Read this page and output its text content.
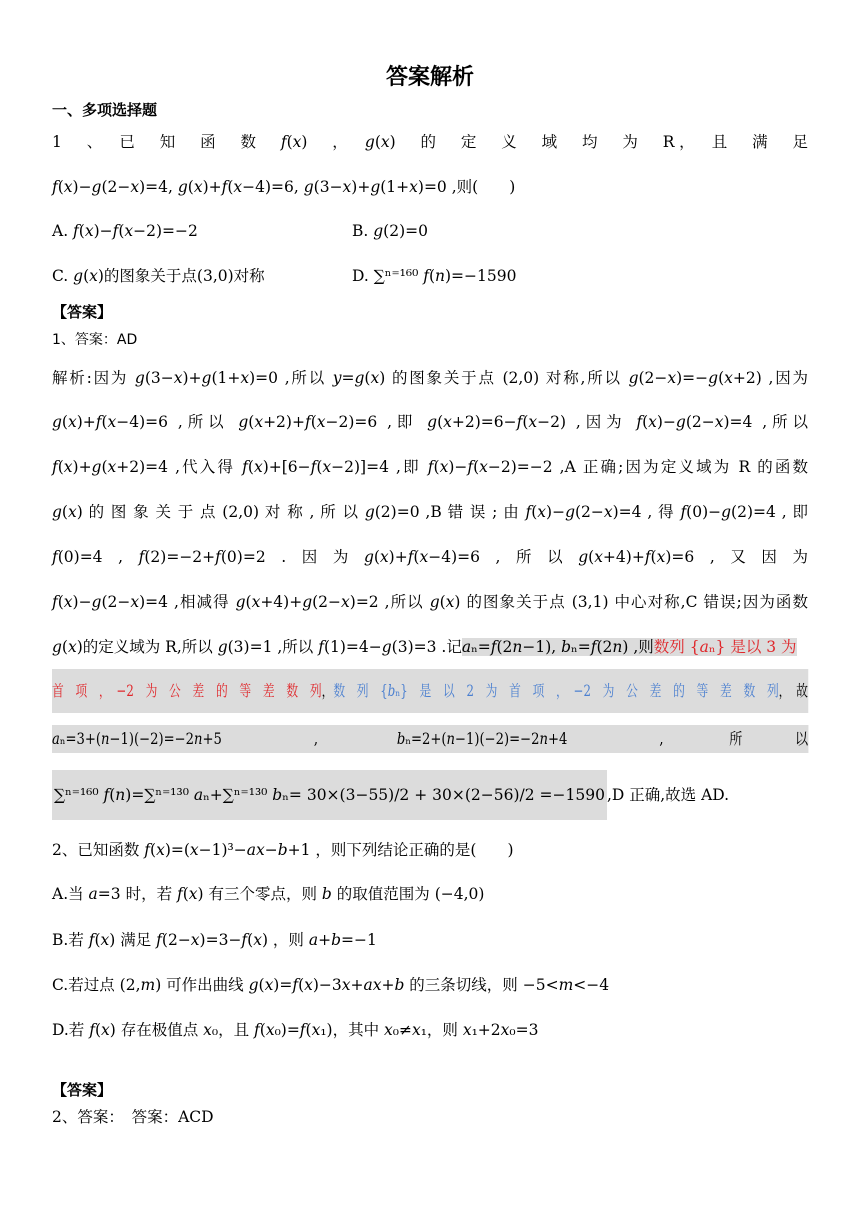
答案解析
一、多项选择题
1　、　已　知　函　数　𝑓(𝑥)　，　𝑔(𝑥)　的　定　义　域　均　为　R，　且　满　足
𝑓(𝑥)−𝑔(2−𝑥)=4, 𝑔(𝑥)+𝑓(𝑥−4)=6, 𝑔(3−𝑥)+𝑔(1+𝑥)=0 ,则(　　)
A. 𝑓(𝑥)−𝑓(𝑥−2)=−2	B. 𝑔(2)=0
C. 𝑔(𝑥)的图象关于点(3,0)对称	D. ∑ⁿ⁼¹⁶⁰ 𝑓(𝑛)=−1590
【答案】
1、答案：AD
解析:因为 𝑔(3−𝑥)+𝑔(1+𝑥)=0 ,所以 𝑦=𝑔(𝑥) 的图象关于点 (2,0) 对称,所以 𝑔(2−𝑥)=−𝑔(𝑥+2) ,因为
𝑔(𝑥)+𝑓(𝑥−4)=6 ,所以 𝑔(𝑥+2)+𝑓(𝑥−2)=6 ,即 𝑔(𝑥+2)=6−𝑓(𝑥−2) ,因为 𝑓(𝑥)−𝑔(2−𝑥)=4 ,所以
𝑓(𝑥)+𝑔(𝑥+2)=4 ,代入得 𝑓(𝑥)+[6−𝑓(𝑥−2)]=4 ,即 𝑓(𝑥)−𝑓(𝑥−2)=−2 ,A 正确;因为定义域为 R 的函数
𝑔(𝑥) 的 图 象 关 于 点 (2,0) 对 称 , 所 以 𝑔(2)=0 ,B 错 误 ; 由 𝑓(𝑥)−𝑔(2−𝑥)=4 , 得 𝑓(0)−𝑔(2)=4 , 即
𝑓(0)=4　,　𝑓(2)=−2+𝑓(0)=2　.　因　为　𝑔(𝑥)+𝑓(𝑥−4)=6　,　所　以　𝑔(𝑥+4)+𝑓(𝑥)=6　,　又　因　为
𝑓(𝑥)−𝑔(2−𝑥)=4 ,相减得 𝑔(𝑥+4)+𝑔(2−𝑥)=2 ,所以 𝑔(𝑥) 的图象关于点 (3,1) 中心对称,C 错误;因为函数
𝑔(𝑥)的定义域为 R,所以 𝑔(3)=1 ,所以 𝑓(1)=4−𝑔(3)=3 .记𝑎ₙ=𝑓(2𝑛−1), 𝑏ₙ=𝑓(2𝑛) ,则数列 {𝑎ₙ} 是以 3 为
首　项　，　−2　为　公　差　的　等　差　数　列，数　列　{𝑏ₙ}　是　以　2　为　首　项　，　−2　为　公　差　的　等　差　数　列，　故
𝑎ₙ=3+(𝑛−1)(−2)=−2𝑛+5　　　　　　　,　　　　　　𝑏ₙ=2+(𝑛−1)(−2)=−2𝑛+4　　　　　　　,　　　　　所　　　　以
∑ⁿ⁼¹⁶⁰ 𝑓(𝑛)=∑ⁿ⁼¹³⁰ 𝑎ₙ+∑ⁿ⁼¹³⁰ 𝑏ₙ= 30×(3−55)/2 + 30×(2−56)/2 =−1590 ,D 正确,故选 AD.
2、已知函数 𝑓(𝑥)=(𝑥−1)³−𝑎𝑥−𝑏+1 ，则下列结论正确的是(　　)
A.当 𝑎=3 时，若 𝑓(𝑥) 有三个零点，则 𝑏 的取值范围为 (−4,0)
B.若 𝑓(𝑥) 满足 𝑓(2−𝑥)=3−𝑓(𝑥) ，则 𝑎+𝑏=−1
C.若过点 (2,𝑚) 可作出曲线 𝑔(𝑥)=𝑓(𝑥)−3𝑥+𝑎𝑥+𝑏 的三条切线，则 −5<𝑚<−4
D.若 𝑓(𝑥) 存在极值点 𝑥₀，且 𝑓(𝑥₀)=𝑓(𝑥₁)，其中 𝑥₀≠𝑥₁，则 𝑥₁+2𝑥₀=3
【答案】
2、答案：　答案：ACD
